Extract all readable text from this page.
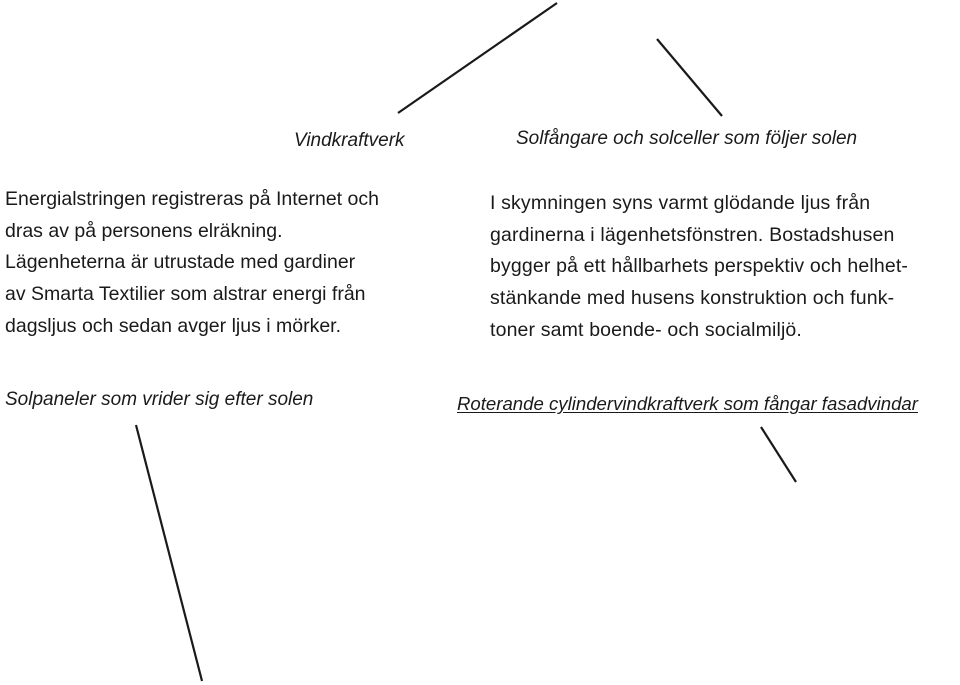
Vindkraftverk	Solfångare och solceller som följer solen
Energialstringen registreras på Internet och
dras av på personens elräkning.
Lägenheterna är utrustade med gardiner
av Smarta Textilier som alstrar energi från
dagsljus och sedan avger ljus i mörker.
I skymningen syns varmt glödande ljus från
gardinerna i lägenhetsfönstren. Bostadshusen
bygger på ett hållbarhets perspektiv och helhet-
stänkande med husens konstruktion och funk-
toner samt boende- och socialmiljö.
Solpaneler som vrider sig efter solen	Roterande cylindervindkraftverk som fångar fasadvindar
